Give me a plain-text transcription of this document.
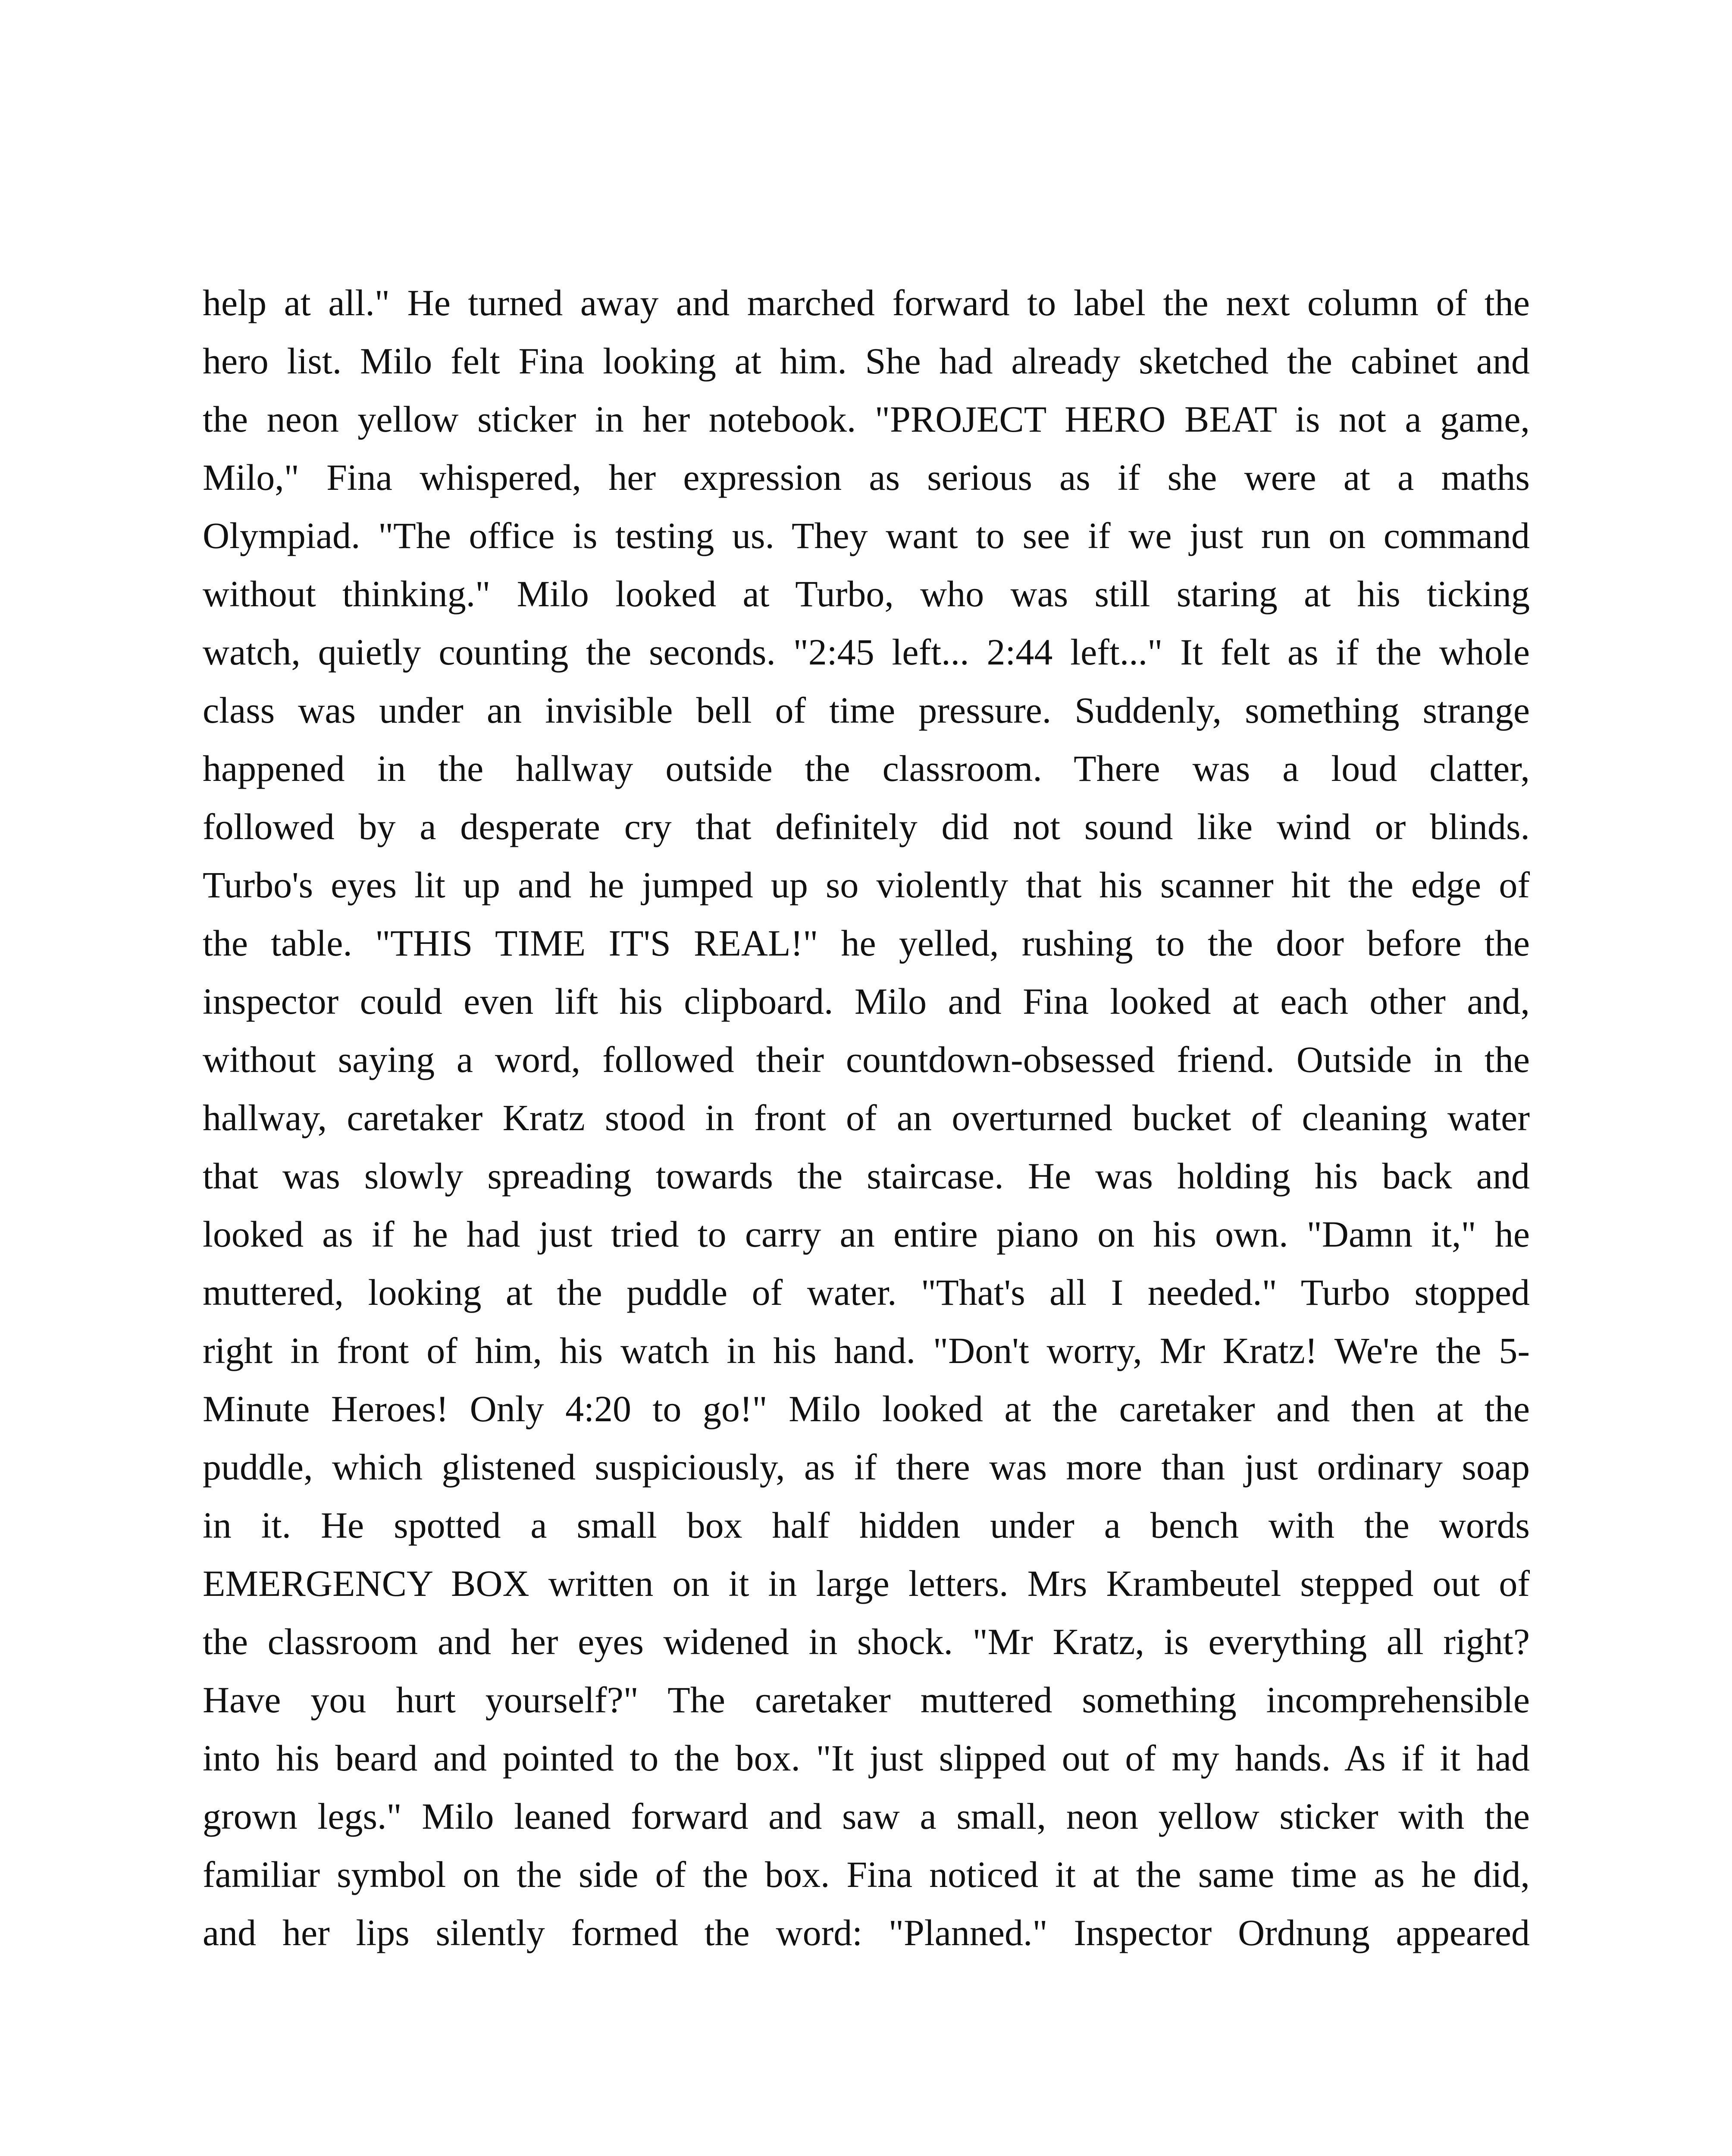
help at all." He turned away and marched forward to label the next column of the
hero list. Milo felt Fina looking at him. She had already sketched the cabinet and
the neon yellow sticker in her notebook. "PROJECT HERO BEAT is not a game,
Milo," Fina whispered, her expression as serious as if she were at a maths
Olympiad. "The office is testing us. They want to see if we just run on command
without thinking." Milo looked at Turbo, who was still staring at his ticking
watch, quietly counting the seconds. "2:45 left... 2:44 left..." It felt as if the whole
class was under an invisible bell of time pressure. Suddenly, something strange
happened in the hallway outside the classroom. There was a loud clatter,
followed by a desperate cry that definitely did not sound like wind or blinds.
Turbo's eyes lit up and he jumped up so violently that his scanner hit the edge of
the table. "THIS TIME IT'S REAL!" he yelled, rushing to the door before the
inspector could even lift his clipboard. Milo and Fina looked at each other and,
without saying a word, followed their countdown-obsessed friend. Outside in the
hallway, caretaker Kratz stood in front of an overturned bucket of cleaning water
that was slowly spreading towards the staircase. He was holding his back and
looked as if he had just tried to carry an entire piano on his own. "Damn it," he
muttered, looking at the puddle of water. "That's all I needed." Turbo stopped
right in front of him, his watch in his hand. "Don't worry, Mr Kratz! We're the 5-
Minute Heroes! Only 4:20 to go!" Milo looked at the caretaker and then at the
puddle, which glistened suspiciously, as if there was more than just ordinary soap
in it. He spotted a small box half hidden under a bench with the words
EMERGENCY BOX written on it in large letters. Mrs Krambeutel stepped out of
the classroom and her eyes widened in shock. "Mr Kratz, is everything all right?
Have you hurt yourself?" The caretaker muttered something incomprehensible
into his beard and pointed to the box. "It just slipped out of my hands. As if it had
grown legs." Milo leaned forward and saw a small, neon yellow sticker with the
familiar symbol on the side of the box. Fina noticed it at the same time as he did,
and her lips silently formed the word: "Planned." Inspector Ordnung appeared
